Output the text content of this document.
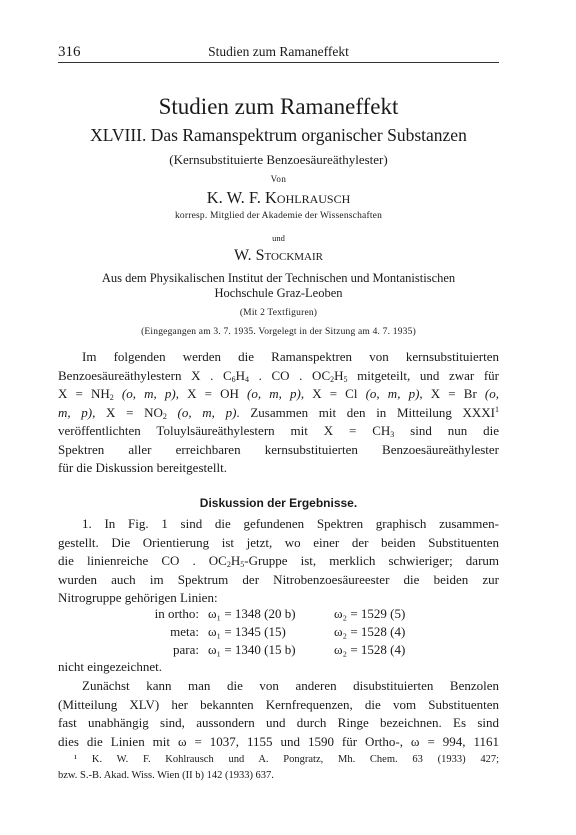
316	Studien zum Ramaneffekt
Studien zum Ramaneffekt
XLVIII. Das Ramanspektrum organischer Substanzen
(Kernsubstituierte Benzoesäureäthylester)
Von
K. W. F. Kohlrausch
korresp. Mitglied der Akademie der Wissenschaften
und
W. Stockmair
Aus dem Physikalischen Institut der Technischen und Montanistischen
Hochschule Graz-Leoben
(Mit 2 Textfiguren)
(Eingegangen am 3. 7. 1935. Vorgelegt in der Sitzung am 4. 7. 1935)
Im folgenden werden die Ramanspektren von kernsubstituierten
Benzoesäureäthylestern X . $C_6H_4$ . CO . $OC_2H_5$ mitgeteilt, und zwar für
$X = NH_2$ (o, m, p), X = OH (o, m, p), X = Cl (o, m, p), X = Br (o,
m, p), $X = NO_2$ (o, m, p). Zusammen mit den in Mitteilung XXXI$^1$
veröffentlichten Toluylsäureäthylestern mit $X = CH_3$ sind nun die
Spektren aller erreichbaren kernsubstituierten Benzoesäureäthylester
für die Diskussion bereitgestellt.
Diskussion der Ergebnisse.
1. In Fig. 1 sind die gefundenen Spektren graphisch zusammen-
gestellt. Die Orientierung ist jetzt, wo einer der beiden Substituenten
die linienreiche CO . $OC_2H_5$-Gruppe ist, merklich schwieriger; darum
wurden auch im Spektrum der Nitrobenzoesäureester die beiden zur
Nitrogruppe gehörigen Linien:
in ortho: ω₁ = 1348 (20 b)	ω₂ = 1529 (5)
meta: ω₁ = 1345 (15)	ω₂ = 1528 (4)
para: ω₁ = 1340 (15 b)	ω₂ = 1528 (4)
nicht eingezeichnet.
Zunächst kann man die von anderen disubstituierten Benzolen
(Mitteilung XLV) her bekannten Kernfrequenzen, die vom Substituenten
fast unabhängig sind, aussondern und durch Ringe bezeichnen. Es sind
dies die Linien mit ω = 1037, 1155 und 1590 für Ortho-, ω = 994, 1161
¹ K. W. F. Kohlrausch und A. Pongratz, Mh. Chem. 63 (1933) 427;
bzw. S.-B. Akad. Wiss. Wien (II b) 142 (1933) 637.
